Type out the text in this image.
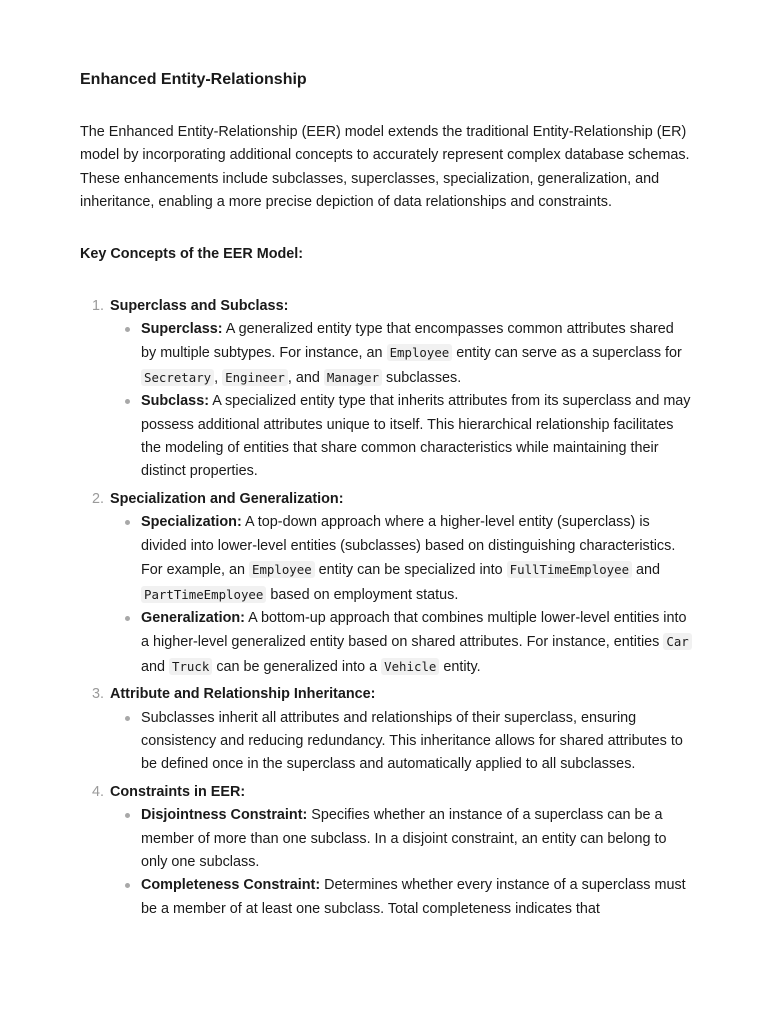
Enhanced Entity-Relationship

The Enhanced Entity-Relationship (EER) model extends the traditional Entity-Relationship (ER) model by incorporating additional concepts to accurately represent complex database schemas. These enhancements include subclasses, superclasses, specialization, generalization, and inheritance, enabling a more precise depiction of data relationships and constraints.

Key Concepts of the EER Model:
1. Superclass and Subclass:
Superclass: A generalized entity type that encompasses common attributes shared by multiple subtypes. For instance, an Employee entity can serve as a superclass for Secretary , Engineer , and Manager subclasses.
Subclass: A specialized entity type that inherits attributes from its superclass and may possess additional attributes unique to itself. This hierarchical relationship facilitates the modeling of entities that share common characteristics while maintaining their distinct properties.
2. Specialization and Generalization:
Specialization: A top-down approach where a higher-level entity (superclass) is divided into lower-level entities (subclasses) based on distinguishing characteristics. For example, an Employee entity can be specialized into FullTimeEmployee and PartTimeEmployee based on employment status.
Generalization: A bottom-up approach that combines multiple lower-level entities into a higher-level generalized entity based on shared attributes. For instance, entities Car and Truck can be generalized into a Vehicle entity.
3. Attribute and Relationship Inheritance:
Subclasses inherit all attributes and relationships of their superclass, ensuring consistency and reducing redundancy. This inheritance allows for shared attributes to be defined once in the superclass and automatically applied to all subclasses.
4. Constraints in EER:
Disjointness Constraint: Specifies whether an instance of a superclass can be a member of more than one subclass. In a disjoint constraint, an entity can belong to only one subclass.
Completeness Constraint: Determines whether every instance of a superclass must be a member of at least one subclass. Total completeness indicates that
